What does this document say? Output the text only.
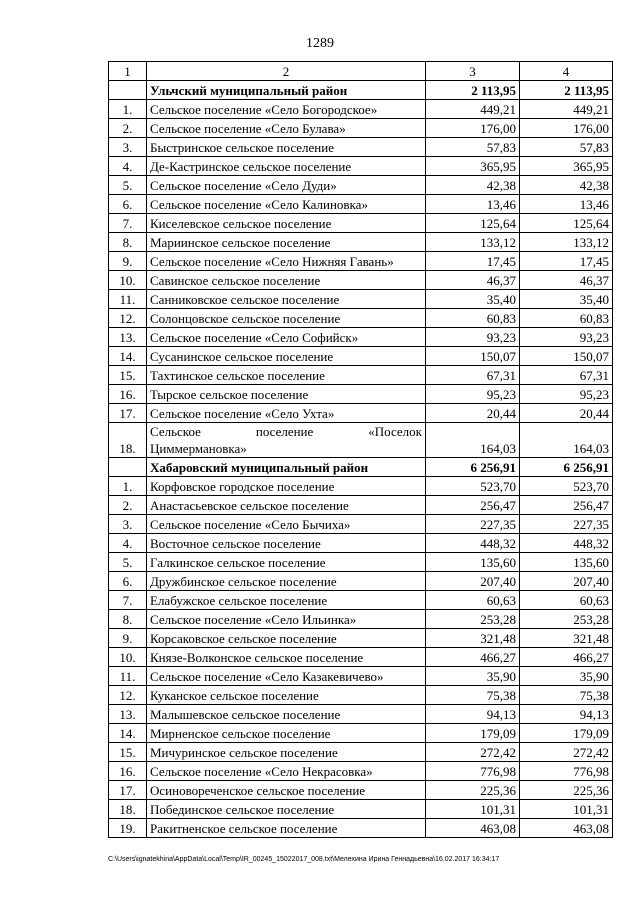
1289
1	2	3	4
	Ульчский муниципальный район	2 113,95	2 113,95
1.	Сельское поселение «Село Богородское»	449,21	449,21
2.	Сельское поселение «Село Булава»	176,00	176,00
3.	Быстринское сельское поселение	57,83	57,83
4.	Де-Кастринское сельское поселение	365,95	365,95
5.	Сельское поселение «Село Дуди»	42,38	42,38
6.	Сельское поселение «Село Калиновка»	13,46	13,46
7.	Киселевское сельское поселение	125,64	125,64
8.	Мариинское сельское поселение	133,12	133,12
9.	Сельское поселение «Село Нижняя Гавань»	17,45	17,45
10.	Савинское сельское поселение	46,37	46,37
11.	Санниковское сельское поселение	35,40	35,40
12.	Солонцовское сельское поселение	60,83	60,83
13.	Сельское поселение «Село Софийск»	93,23	93,23
14.	Сусанинское сельское поселение	150,07	150,07
15.	Тахтинское сельское поселение	67,31	67,31
16.	Тырское сельское поселение	95,23	95,23
17.	Сельское поселение «Село Ухта»	20,44	20,44
18.	Сельское поселение «Поселок
Циммермановка»	164,03	164,03
	Хабаровский муниципальный район	6 256,91	6 256,91
1.	Корфовское городское поселение	523,70	523,70
2.	Анастасьевское сельское поселение	256,47	256,47
3.	Сельское поселение «Село Бычиха»	227,35	227,35
4.	Восточное сельское поселение	448,32	448,32
5.	Галкинское сельское поселение	135,60	135,60
6.	Дружбинское сельское поселение	207,40	207,40
7.	Елабужское сельское поселение	60,63	60,63
8.	Сельское поселение «Село Ильинка»	253,28	253,28
9.	Корсаковское сельское поселение	321,48	321,48
10.	Князе-Волконское сельское поселение	466,27	466,27
11.	Сельское поселение «Село Казакевичево»	35,90	35,90
12.	Куканское сельское поселение	75,38	75,38
13.	Малышевское сельское поселение	94,13	94,13
14.	Мирненское сельское поселение	179,09	179,09
15.	Мичуринское сельское поселение	272,42	272,42
16.	Сельское поселение «Село Некрасовка»	776,98	776,98
17.	Осиновореченское сельское поселение	225,36	225,36
18.	Побединское сельское поселение	101,31	101,31
19.	Ракитненское сельское поселение	463,08	463,08
C:\Users\ignatekhina\AppData\Local\Temp\IR_00245_15022017_008.txt\Мелехина Ирина Геннадьевна\16.02.2017 16:34:17
